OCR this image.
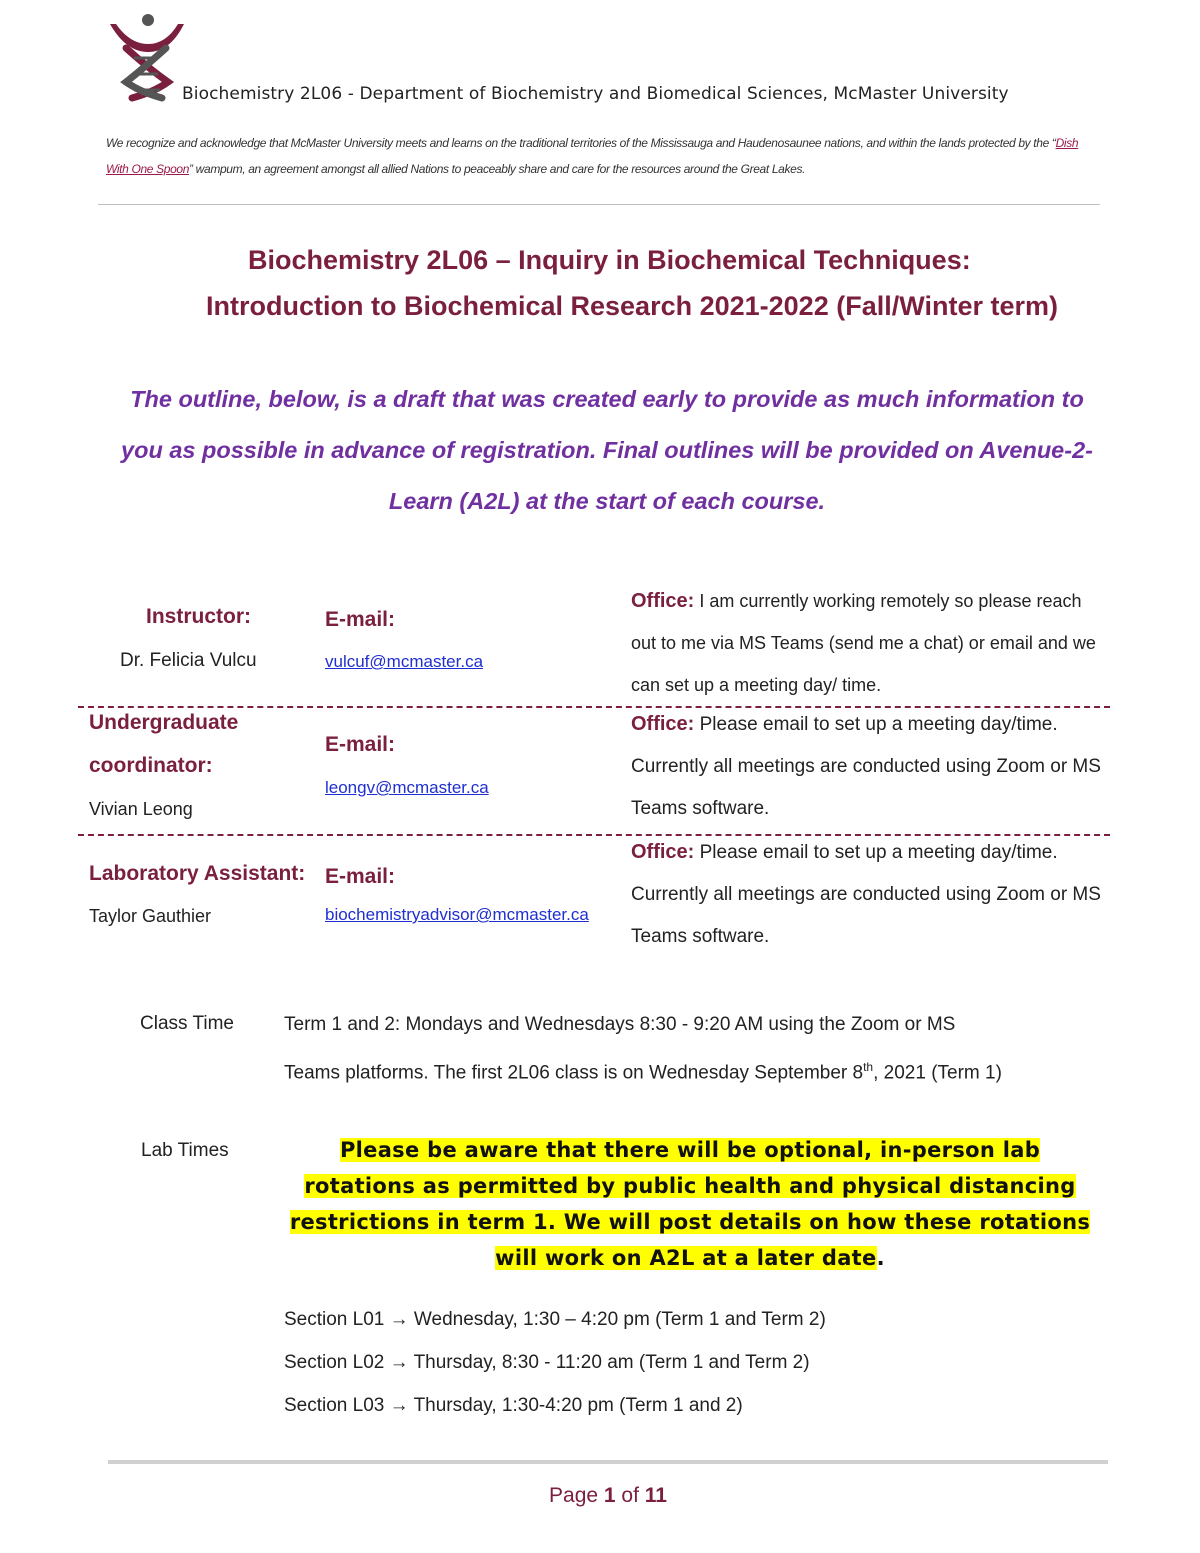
Biochemistry 2L06 - Department of Biochemistry and Biomedical Sciences, McMaster University
We recognize and acknowledge that McMaster University meets and learns on the traditional territories of the Mississauga and Haudenosaunee nations, and within the lands protected by the “Dish With One Spoon” wampum, an agreement amongst all allied Nations to peaceably share and care for the resources around the Great Lakes.
Biochemistry 2L06 – Inquiry in Biochemical Techniques:
Introduction to Biochemical Research 2021-2022 (Fall/Winter term)
The outline, below, is a draft that was created early to provide as much information to you as possible in advance of registration. Final outlines will be provided on Avenue-2-Learn (A2L) at the start of each course.
Instructor:
Dr. Felicia Vulcu
E-mail:
vulcuf@mcmaster.ca
Office: I am currently working remotely so please reach out to me via MS Teams (send me a chat) or email and we can set up a meeting day/ time.
Undergraduate
coordinator:
Vivian Leong
E-mail:
leongv@mcmaster.ca
Office: Please email to set up a meeting day/time. Currently all meetings are conducted using Zoom or MS Teams software.
Laboratory Assistant:
Taylor Gauthier
E-mail:
biochemistryadvisor@mcmaster.ca
Office: Please email to set up a meeting day/time. Currently all meetings are conducted using Zoom or MS Teams software.
Class Time	Term 1 and 2: Mondays and Wednesdays 8:30 - 9:20 AM using the Zoom or MS
Teams platforms. The first 2L06 class is on Wednesday September 8th, 2021 (Term 1)
Lab Times	Please be aware that there will be optional, in-person lab rotations as permitted by public health and physical distancing restrictions in term 1. We will post details on how these rotations will work on A2L at a later date.
Section L01 → Wednesday, 1:30 – 4:20 pm (Term 1 and Term 2)
Section L02 → Thursday, 8:30 - 11:20 am (Term 1 and Term 2)
Section L03 → Thursday, 1:30-4:20 pm (Term 1 and 2)
Page 1 of 11
